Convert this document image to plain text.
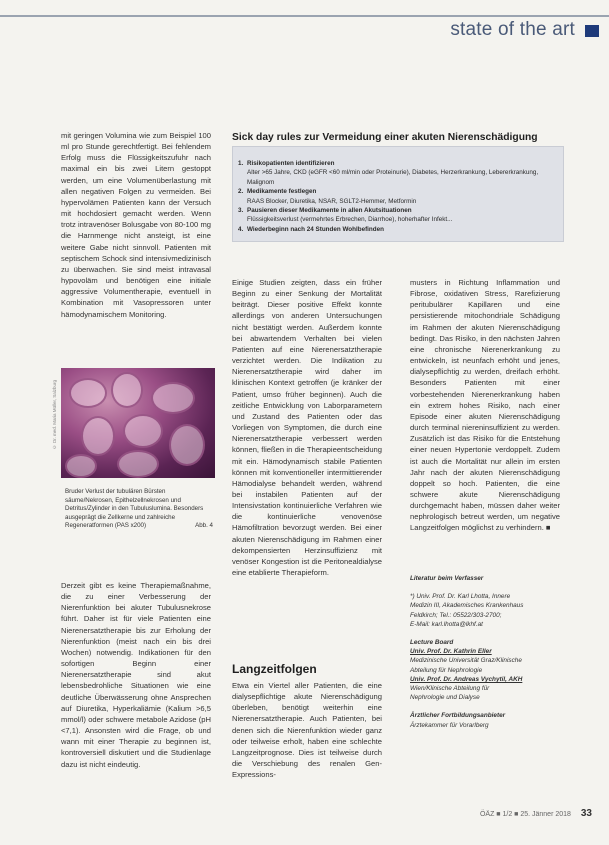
state of the art

mit geringen Volumina wie zum Beispiel 100 ml pro Stunde gerechtfertigt. Bei fehlendem Erfolg muss die Flüssigkeitszufuhr nach maximal ein bis zwei Litern gestoppt werden, um eine Volumenüberlastung mit allen negativen Folgen zu vermeiden. Bei hypervolämen Patienten kann der Versuch mit hochdosiert gemacht werden. Wenn trotz intravenöser Bolusgabe von 80-100 mg die Harnmenge nicht ansteigt, ist eine weitere Gabe nicht sinnvoll. Patienten mit septischem Schock sind intensivmedizinisch zu überwachen. Sie sind meist intravasal hypovoläm und benötigen eine initiale aggressive Volumentherapie, eventuell in Kombination mit Vasopressoren unter hämodynamischem Monitoring.

Sick day rules zur Vermeidung einer akuten Nierenschädigung
1. Risikopatienten identifizieren
Alter >65 Jahre, CKD (eGFR <60 ml/min oder Proteinurie), Diabetes, Herzerkrankung, Lebererkrankung, Malignom
2. Medikamente festlegen
RAAS Blocker, Diuretika, NSAR, SGLT2-Hemmer, Metformin
3. Pausieren dieser Medikamente in allen Akutsituationen
Flüssigkeitsverlust (vermehrtes Erbrechen, Diarrhoe), hoherhafter Infekt...
4. Wiederbeginn nach 24 Stunden Wohlbefinden
© Dr. med. Maria Müller, Salzburg
Bruder Verlust der tubulären Bürsten säume/Nekrosen, Epithelzellnekrosen und Detritus/Zylinder in den Tubuluslumina. Besonders ausgeprägt die Zellkerne und zahlreiche Regeneratformen (PAS x200)	Abb. 4

Derzeit gibt es keine Therapiemaßnahme, die zu einer Verbesserung der Nierenfunktion bei akuter Tubulusnekrose führt. Daher ist für viele Patienten eine Nierenersatztherapie bis zur Erholung der Nierenfunktion (meist nach ein bis drei Wochen) notwendig. Indikationen für den sofortigen Beginn einer Nierenersatztherapie sind akut lebensbedrohliche Situationen wie eine deutliche Überwässerung ohne Ansprechen auf Diuretika, Hyperkaliämie (Kalium >6,5 mmol/l) oder schwere metabole Azidose (pH <7,1). Ansonsten wird die Frage, ob und wann mit einer Therapie zu beginnen ist, kontroversiell diskutiert und die Studienlage dazu ist nicht eindeutig.

Einige Studien zeigten, dass ein früher Beginn zu einer Senkung der Mortalität beiträgt. Dieser positive Effekt konnte allerdings von anderen Untersuchungen nicht bestätigt werden. Außerdem konnte bei abwartendem Verhalten bei vielen Patienten auf eine Nierenersatztherapie verzichtet werden. Die Indikation zu Nierenersatztherapie wird daher im klinischen Kontext getroffen (je kränker der Patient, umso früher beginnen). Auch die zeitliche Entwicklung von Laborparametern und Zustand des Patienten oder das Vorliegen von Symptomen, die durch eine Nierenersatztherapie verbessert werden können, fließen in die Therapieentscheidung mit ein. Hämodynamisch stabile Patienten können mit konventioneller intermittierender Hämodialyse behandelt werden, während bei instabilen Patienten auf der Intensivstation kontinuierliche Verfahren wie die kontinuierliche venovenöse Hämofiltration bevorzugt werden. Bei einer akuten Nierenschädigung im Rahmen einer dekompensierten Herzinsuffizienz mit venöser Kongestion ist die Peritonealdialyse eine etablierte Therapieform.

Langzeitfolgen

Etwa ein Viertel aller Patienten, die eine dialysepflichtige akute Nierenschädigung überleben, benötigt weiterhin eine Nierenersatztherapie. Auch Patienten, bei denen sich die Nierenfunktion wieder ganz oder teilweise erholt, haben eine schlechte Langzeitprognose. Dies ist teilweise durch die Verschiebung des renalen Gen-Expressions-

musters in Richtung Inflammation und Fibrose, oxidativen Stress, Rarefizierung peritubulärer Kapillaren und eine persistierende mitochondriale Schädigung im Rahmen der akuten Nierenschädigung bedingt. Das Risiko, in den nächsten Jahren eine chronische Nierenerkrankung zu entwickeln, ist neunfach erhöht und jenes, dialysepflichtig zu werden, dreifach erhöht. Besonders Patienten mit einer vorbestehenden Nierenerkrankung haben ein extrem hohes Risiko, nach einer Episode einer akuten Nierenschädigung durch terminal niereninsuffizient zu werden. Zusätzlich ist das Risiko für die Entstehung einer neuen Hypertonie verdoppelt. Zudem ist auch die Mortalität nur allein im ersten Jahr nach der akuten Nierenschädigung doppelt so hoch. Patienten, die eine schwere akute Nierenschädigung durchgemacht haben, müssen daher weiter nephrologisch betreut werden, um negative Langzeitfolgen möglichst zu verhindern. ■

Literatur beim Verfasser
*) Univ. Prof. Dr. Karl Lhotta, Innere
Medizin III, Akademisches Krankenhaus
Feldkirch; Tel.: 05522/303-2700;
E-Mail: karl.lhotta@lkhf.at
Lecture Board
Univ. Prof. Dr. Kathrin Eller
Medizinische Universität Graz/Klinische
Abteilung für Nephrologie
Univ. Prof. Dr. Andreas Vychytil, AKH
Wien/Klinische Abteilung für
Nephrologie und Dialyse
Ärztlicher Fortbildungsanbieter
Ärztekammer für Vorarlberg
ÖÄZ ■ 1/2 ■ 25. Jänner 2018 33
